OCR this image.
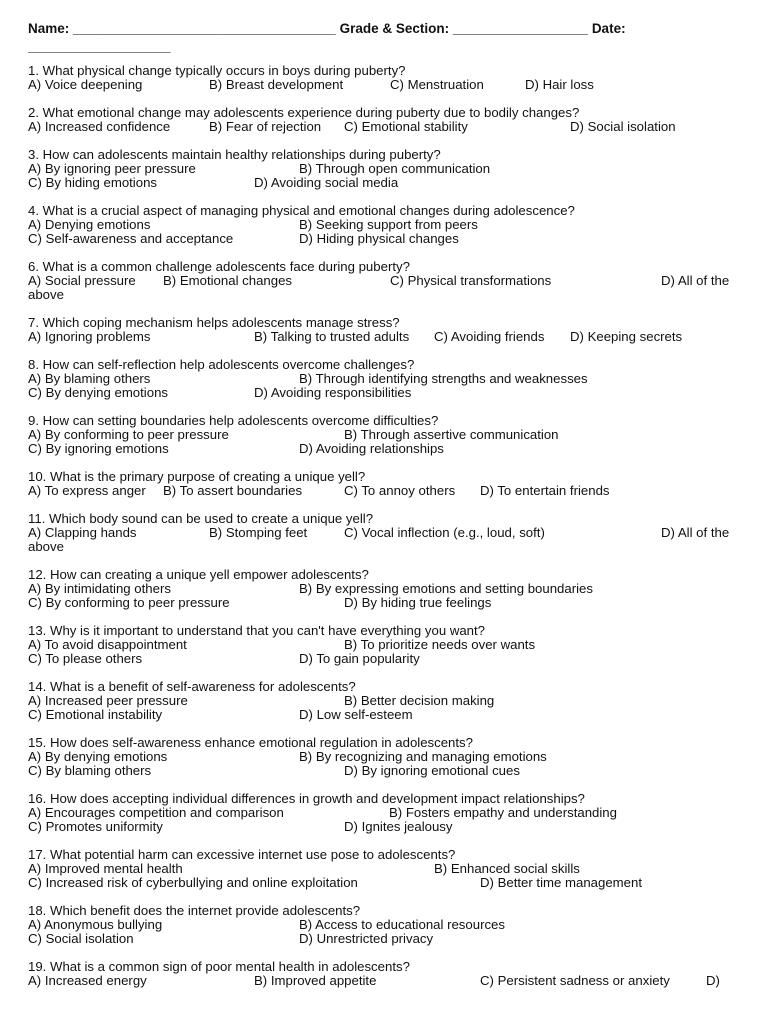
Name: ___________________________________ Grade & Section: __________________ Date:
___________________
1. What physical change typically occurs in boys during puberty?
A) Voice deepening	B) Breast development	C) Menstruation	D) Hair loss
2. What emotional change may adolescents experience during puberty due to bodily changes?
A) Increased confidence	B) Fear of rejection C) Emotional stability	D) Social isolation
3. How can adolescents maintain healthy relationships during puberty?
A) By ignoring peer pressure	B) Through open communication
C) By hiding emotions	D) Avoiding social media
4. What is a crucial aspect of managing physical and emotional changes during adolescence?
A) Denying emotions	B) Seeking support from peers
C) Self-awareness and acceptance	D) Hiding physical changes
6. What is a common challenge adolescents face during puberty?
A) Social pressure B) Emotional changes	C) Physical transformations	D) All of the
above
7. Which coping mechanism helps adolescents manage stress?
A) Ignoring problems	B) Talking to trusted adults C) Avoiding friends D) Keeping secrets
8. How can self-reflection help adolescents overcome challenges?
A) By blaming others	B) Through identifying strengths and weaknesses
C) By denying emotions	D) Avoiding responsibilities
9. How can setting boundaries help adolescents overcome difficulties?
A) By conforming to peer pressure	B) Through assertive communication
C) By ignoring emotions	D) Avoiding relationships
10. What is the primary purpose of creating a unique yell?
A) To express anger B) To assert boundaries	C) To annoy others D) To entertain friends
11. Which body sound can be used to create a unique yell?
A) Clapping hands	B) Stomping feet	C) Vocal inflection (e.g., loud, soft)	D) All of the
above
12. How can creating a unique yell empower adolescents?
A) By intimidating others	B) By expressing emotions and setting boundaries
C) By conforming to peer pressure	D) By hiding true feelings
13. Why is it important to understand that you can't have everything you want?
A) To avoid disappointment	B) To prioritize needs over wants
C) To please others	D) To gain popularity
14. What is a benefit of self-awareness for adolescents?
A) Increased peer pressure	B) Better decision making
C) Emotional instability	D) Low self-esteem
15. How does self-awareness enhance emotional regulation in adolescents?
A) By denying emotions	B) By recognizing and managing emotions
C) By blaming others	D) By ignoring emotional cues
16. How does accepting individual differences in growth and development impact relationships?
A) Encourages competition and comparison	B) Fosters empathy and understanding
C) Promotes uniformity	D) Ignites jealousy
17. What potential harm can excessive internet use pose to adolescents?
A) Improved mental health	B) Enhanced social skills
C) Increased risk of cyberbullying and online exploitation	D) Better time management
18. Which benefit does the internet provide adolescents?
A) Anonymous bullying	B) Access to educational resources
C) Social isolation	D) Unrestricted privacy
19. What is a common sign of poor mental health in adolescents?
A) Increased energy	B) Improved appetite	C) Persistent sadness or anxiety	D)
